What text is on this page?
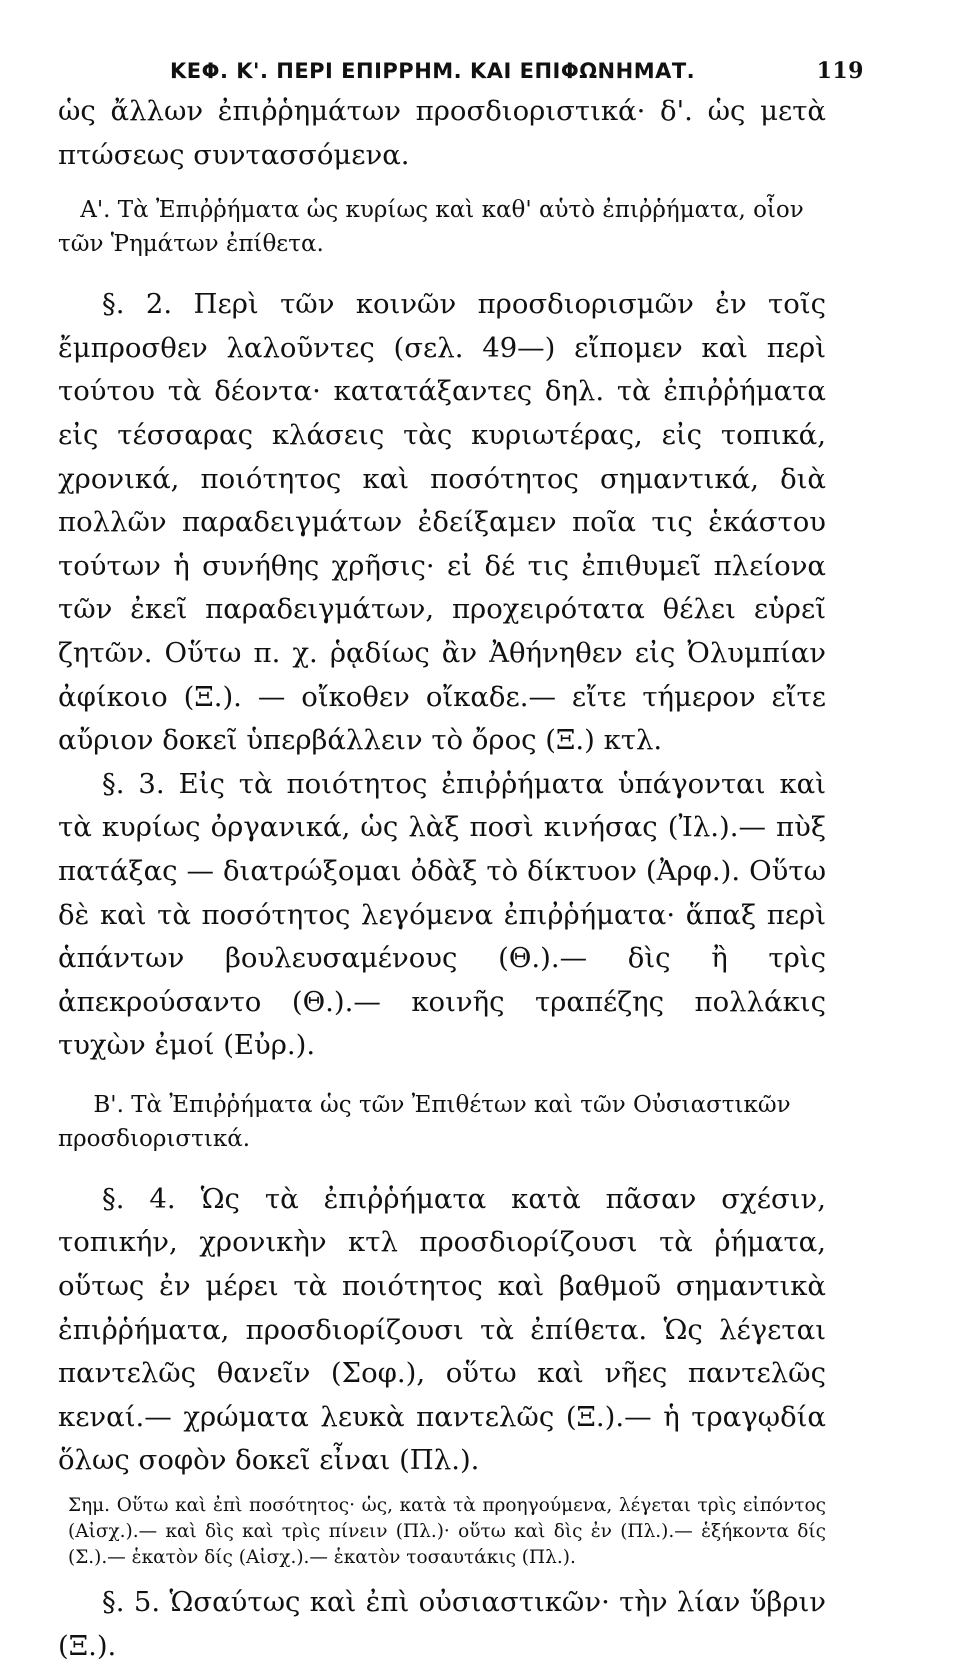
ΚΕΦ. Κ'. ΠΕΡΙ ΕΠΙΡΡΗΜ. ΚΑΙ ΕΠΙΦΩΝΗΜΑΤ.	119

ὡς ἄλλων ἐπιῤῥημάτων προσδιοριστικά· δ'. ὡς μετὰ πτώσεως συντασσόμενα.

Α'. Τὰ Ἐπιῤῥήματα ὡς κυρίως καὶ καθ' αὑτὸ ἐπιῤῥήματα, οἷον τῶν Ῥημάτων ἐπίθετα.

§. 2. Περὶ τῶν κοινῶν προσδιορισμῶν ἐν τοῖς ἔμπροσθεν λαλοῦντες (σελ. 49—) εἴπομεν καὶ περὶ τούτου τὰ δέοντα· κατατάξαντες δηλ. τὰ ἐπιῤῥήματα εἰς τέσσαρας κλάσεις τὰς κυριωτέρας, εἰς τοπικά, χρονικά, ποιότητος καὶ ποσότητος σημαντικά, διὰ πολλῶν παραδειγμάτων ἐδείξαμεν ποῖα τις ἑκάστου τούτων ἡ συνήθης χρῆσις· εἰ δέ τις ἐπιθυμεῖ πλείονα τῶν ἐκεῖ παραδειγμάτων, προχειρότατα θέλει εὑρεῖ ζητῶν. Οὕτω π. χ. ῥᾳδίως ἂν Ἀθήνηθεν εἰς Ὀλυμπίαν ἀφίκοιο (Ξ.). — οἴκοθεν οἴκαδε.— εἴτε τήμερον εἴτε αὔριον δοκεῖ ὑπερβάλλειν τὸ ὄρος (Ξ.) κτλ.

§. 3. Εἰς τὰ ποιότητος ἐπιῤῥήματα ὑπάγονται καὶ τὰ κυρίως ὀργανικά, ὡς λὰξ ποσὶ κινήσας (Ἰλ.).— πὺξ πατάξας — διατρώξομαι ὀδὰξ τὸ δίκτυον (Ἀρφ.). Οὕτω δὲ καὶ τὰ ποσότητος λεγόμενα ἐπιῤῥήματα· ἅπαξ περὶ ἁπάντων βουλευσαμένους (Θ.).— δὶς ἢ τρὶς ἀπεκρούσαντο (Θ.).— κοινῆς τραπέζης πολλάκις τυχὼν ἐμοί (Εὐρ.).

Β'. Τὰ Ἐπιῤῥήματα ὡς τῶν Ἐπιθέτων καὶ τῶν Οὐσιαστικῶν προσδιοριστικά.

§. 4. Ὡς τὰ ἐπιῤῥήματα κατὰ πᾶσαν σχέσιν, τοπικήν, χρονικὴν κτλ προσδιορίζουσι τὰ ῥήματα, οὕτως ἐν μέρει τὰ ποιότητος καὶ βαθμοῦ σημαντικὰ ἐπιῤῥήματα, προσδιορίζουσι τὰ ἐπίθετα. Ὡς λέγεται παντελῶς θανεῖν (Σοφ.), οὕτω καὶ νῆες παντελῶς κεναί.— χρώματα λευκὰ παντελῶς (Ξ.).— ἡ τραγῳδία ὅλως σοφὸν δοκεῖ εἶναι (Πλ.).

Σημ. Οὕτω καὶ ἐπὶ ποσότητος· ὡς, κατὰ τὰ προηγούμενα, λέγεται τρὶς εἰπόντος (Αἰσχ.).— καὶ δὶς καὶ τρὶς πίνειν (Πλ.)· οὕτω καὶ δὶς ἐν (Πλ.).— ἑξήκοντα δίς (Σ.).— ἑκατὸν δίς (Αἰσχ.).— ἑκατὸν τοσαυτάκις (Πλ.).

§. 5. Ὡσαύτως καὶ ἐπὶ οὐσιαστικῶν· τὴν λίαν ὕβριν (Ξ.).
